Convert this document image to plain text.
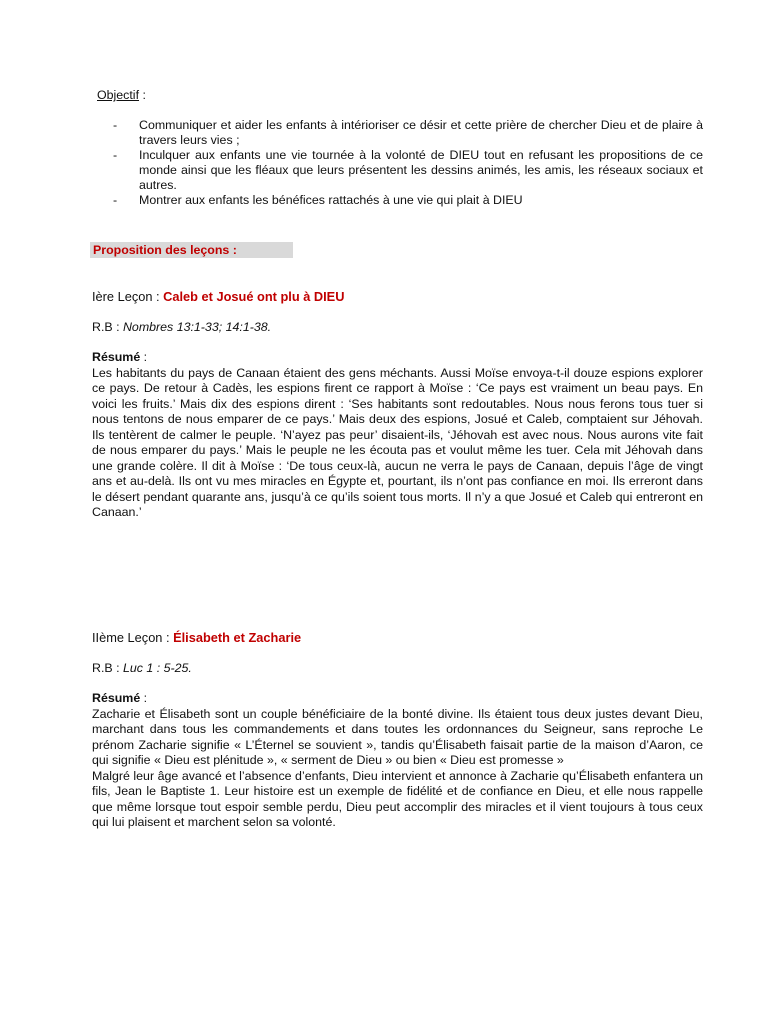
Objectif :
- Communiquer et aider les enfants à intérioriser ce désir et cette prière de chercher Dieu et de plaire à travers leurs vies ;
- Inculquer aux enfants une vie tournée à la volonté de DIEU tout en refusant les propositions de ce monde ainsi que les fléaux que leurs présentent les dessins animés, les amis, les réseaux sociaux et autres.
- Montrer aux enfants les bénéfices rattachés à une vie qui plait à DIEU
Proposition des leçons :
Ière Leçon : Caleb et Josué ont plu à DIEU
R.B : Nombres 13:1-33; 14:1-38.
Résumé :

Les habitants du pays de Canaan étaient des gens méchants. Aussi Moïse envoya-t-il douze espions explorer ce pays. De retour à Cadès, les espions firent ce rapport à Moïse : ‘Ce pays est vraiment un beau pays. En voici les fruits.’ Mais dix des espions dirent : ‘Ses habitants sont redoutables. Nous nous ferons tous tuer si nous tentons de nous emparer de ce pays.’ Mais deux des espions, Josué et Caleb, comptaient sur Jéhovah. Ils tentèrent de calmer le peuple. ‘N’ayez pas peur’ disaient-ils, ‘Jéhovah est avec nous. Nous aurons vite fait de nous emparer du pays.’ Mais le peuple ne les écouta pas et voulut même les tuer. Cela mit Jéhovah dans une grande colère. Il dit à Moïse : ‘De tous ceux-là, aucun ne verra le pays de Canaan, depuis l’âge de vingt ans et au-delà. Ils ont vu mes miracles en Égypte et, pourtant, ils n’ont pas confiance en moi. Ils erreront dans le désert pendant quarante ans, jusqu’à ce qu’ils soient tous morts. Il n’y a que Josué et Caleb qui entreront en Canaan.’

IIème Leçon : Élisabeth et Zacharie
R.B : Luc 1 : 5-25.
Résumé :

Zacharie et Élisabeth sont un couple bénéficiaire de la bonté divine. Ils étaient tous deux justes devant Dieu, marchant dans tous les commandements et dans toutes les ordonnances du Seigneur, sans reproche Le prénom Zacharie signifie « L’Éternel se souvient », tandis qu’Élisabeth faisait partie de la maison d’Aaron, ce qui signifie « Dieu est plénitude », « serment de Dieu » ou bien « Dieu est promesse »

Malgré leur âge avancé et l’absence d’enfants, Dieu intervient et annonce à Zacharie qu’Élisabeth enfantera un fils, Jean le Baptiste 1. Leur histoire est un exemple de fidélité et de confiance en Dieu, et elle nous rappelle que même lorsque tout espoir semble perdu, Dieu peut accomplir des miracles et il vient toujours à tous ceux qui lui plaisent et marchent selon sa volonté.
